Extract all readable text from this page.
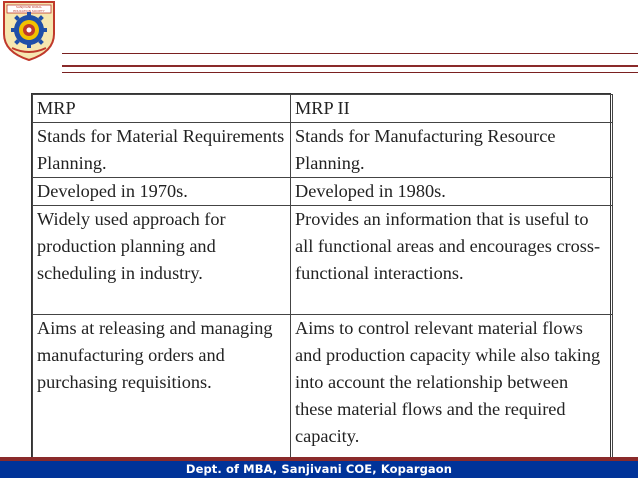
SANJIVANI RURAL EDUCATION SOCIETY
MRP	MRP II
Stands for Material Requirements Planning.	Stands for Manufacturing Resource Planning.
Developed in 1970s.	Developed in 1980s.
Widely used approach for production planning and scheduling in industry.	Provides an information that is useful to all functional areas and encourages cross-functional interactions.
Aims at releasing and managing manufacturing orders and purchasing requisitions.	Aims to control relevant material flows and production capacity while also taking into account the relationship between these material flows and the required capacity.
Dept. of MBA, Sanjivani COE, Kopargaon
